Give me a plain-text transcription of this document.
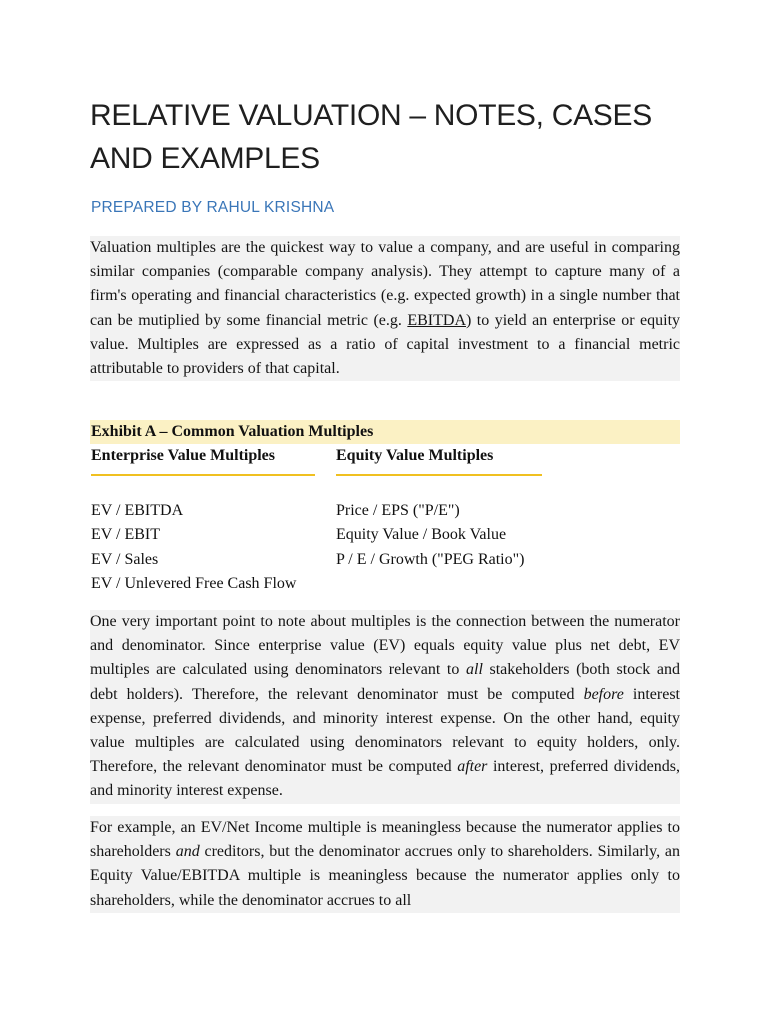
RELATIVE VALUATION – NOTES, CASES AND EXAMPLES

PREPARED BY RAHUL KRISHNA

Valuation multiples are the quickest way to value a company, and are useful in comparing similar companies (comparable company analysis). They attempt to capture many of a firm's operating and financial characteristics (e.g. expected growth) in a single number that can be mutiplied by some financial metric (e.g. EBITDA) to yield an enterprise or equity value. Multiples are expressed as a ratio of capital investment to a financial metric attributable to providers of that capital.

Exhibit A – Common Valuation Multiples

Enterprise Value Multiples	Equity Value Multiples

EV / EBITDA
EV / EBIT
EV / Sales
EV / Unlevered Free Cash Flow
Price / EPS ("P/E")
Equity Value / Book Value
P / E / Growth ("PEG Ratio")

One very important point to note about multiples is the connection between the numerator and denominator. Since enterprise value (EV) equals equity value plus net debt, EV multiples are calculated using denominators relevant to all stakeholders (both stock and debt holders). Therefore, the relevant denominator must be computed before interest expense, preferred dividends, and minority interest expense. On the other hand, equity value multiples are calculated using denominators relevant to equity holders, only. Therefore, the relevant denominator must be computed after interest, preferred dividends, and minority interest expense.

For example, an EV/Net Income multiple is meaningless because the numerator applies to shareholders and creditors, but the denominator accrues only to shareholders. Similarly, an Equity Value/EBITDA multiple is meaningless because the numerator applies only to shareholders, while the denominator accrues to all
